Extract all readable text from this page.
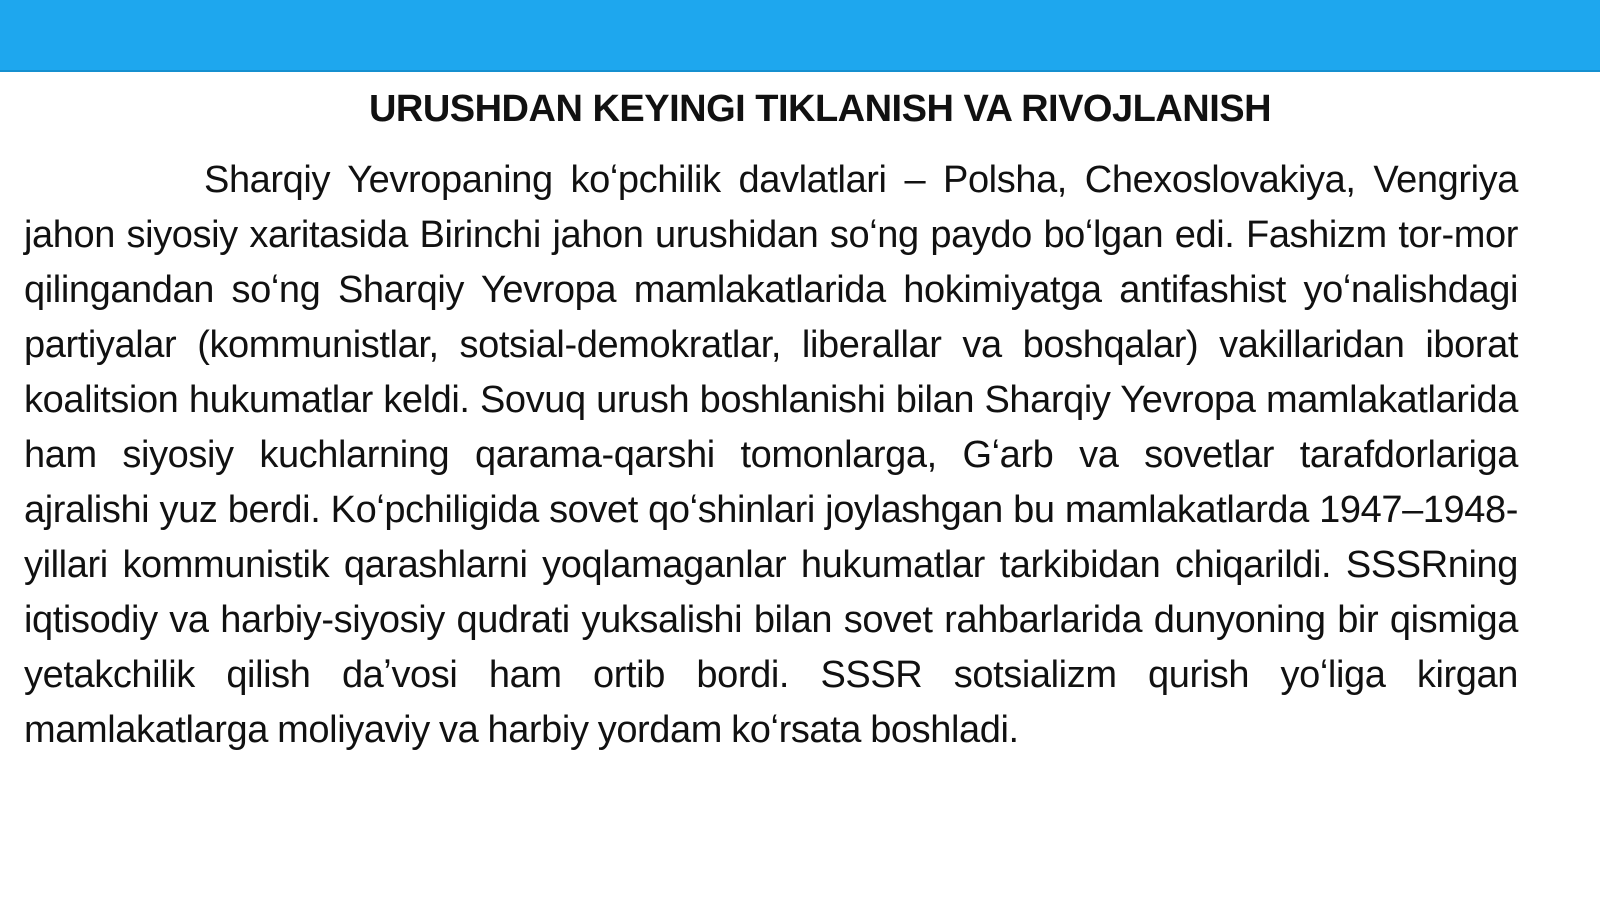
URUSHDAN KEYINGI TIKLANISH VA RIVOJLANISH

Sharqiy Yevropaning koʻpchilik davlatlari – Polsha, Chexoslovakiya, Vengriya jahon siyosiy xaritasida Birinchi jahon urushidan soʻng paydo boʻlgan edi. Fashizm tor-mor qilingandan soʻng Sharqiy Yevropa mamlakatlarida hokimiyatga antifashist yoʻnalishdagi partiyalar (kommunistlar, sotsial-demokratlar, liberallar va boshqalar) vakillaridan iborat koalitsion hukumatlar keldi. Sovuq urush boshlanishi bilan Sharqiy Yevropa mamlakatlarida ham siyosiy kuchlarning qarama-qarshi tomonlarga, Gʻarb va sovetlar tarafdorlariga ajralishi yuz berdi. Koʻpchiligida sovet qoʻshinlari joylashgan bu mamlakatlarda 1947–1948-yillari kommunistik qarashlarni yoqlamaganlar hukumatlar tarkibidan chiqarildi. SSSRning iqtisodiy va harbiy-siyosiy qudrati yuksalishi bilan sovet rahbarlarida dunyoning bir qismiga yetakchilik qilish daʼvosi ham ortib bordi. SSSR sotsializm qurish yoʻliga kirgan mamlakatlarga moliyaviy va harbiy yordam koʻrsata boshladi.
